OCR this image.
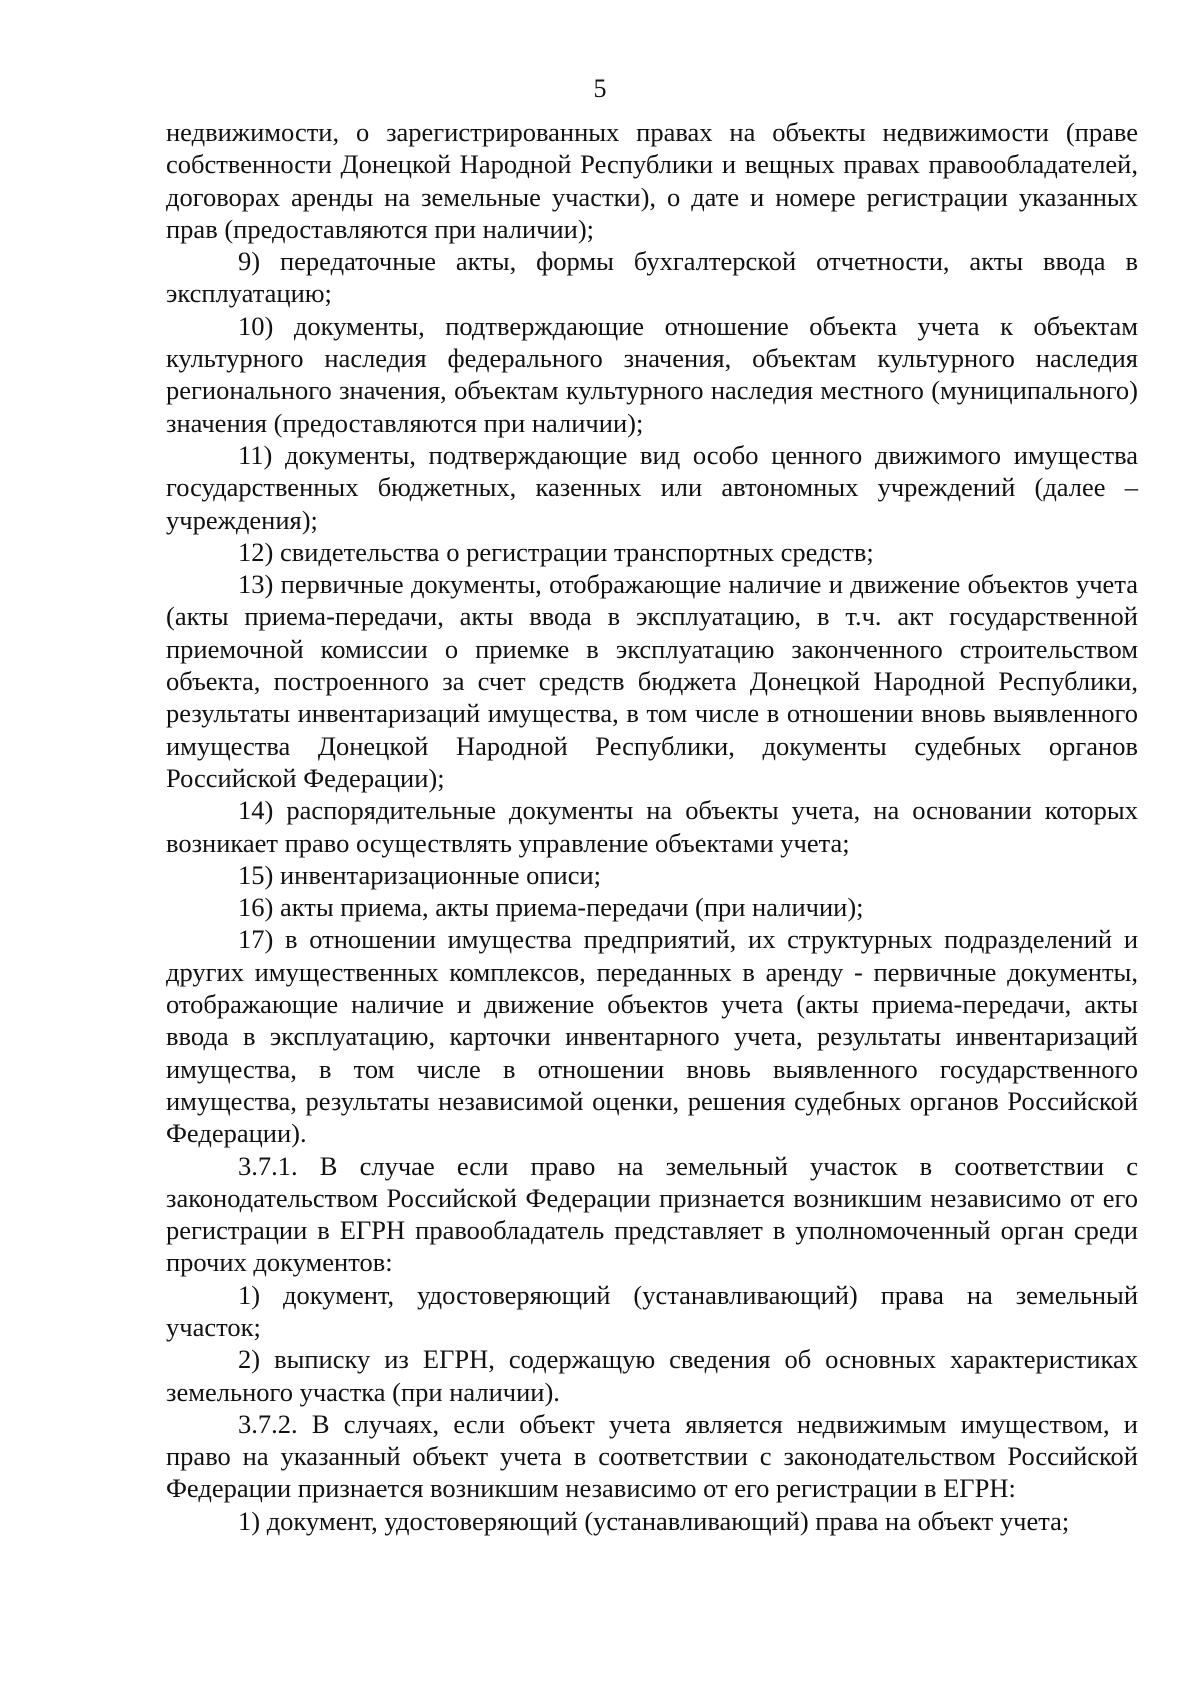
5

недвижимости, о зарегистрированных правах на объекты недвижимости (праве собственности Донецкой Народной Республики и вещных правах правообладателей, договорах аренды на земельные участки), о дате и номере регистрации указанных прав (предоставляются при наличии);

9) передаточные акты, формы бухгалтерской отчетности, акты ввода в эксплуатацию;

10) документы, подтверждающие отношение объекта учета к объектам культурного наследия федерального значения, объектам культурного наследия регионального значения, объектам культурного наследия местного (муниципального) значения (предоставляются при наличии);

11) документы, подтверждающие вид особо ценного движимого имущества государственных бюджетных, казенных или автономных учреждений (далее – учреждения);

12) свидетельства о регистрации транспортных средств;

13) первичные документы, отображающие наличие и движение объектов учета (акты приема-передачи, акты ввода в эксплуатацию, в т.ч. акт государственной приемочной комиссии о приемке в эксплуатацию законченного строительством объекта, построенного за счет средств бюджета Донецкой Народной Республики, результаты инвентаризаций имущества, в том числе в отношении вновь выявленного имущества Донецкой Народной Республики, документы судебных органов Российской Федерации);

14) распорядительные документы на объекты учета, на основании которых возникает право осуществлять управление объектами учета;

15) инвентаризационные описи;

16) акты приема, акты приема-передачи (при наличии);

17) в отношении имущества предприятий, их структурных подразделений и других имущественных комплексов, переданных в аренду - первичные документы, отображающие наличие и движение объектов учета (акты приема-передачи, акты ввода в эксплуатацию, карточки инвентарного учета, результаты инвентаризаций имущества, в том числе в отношении вновь выявленного государственного имущества, результаты независимой оценки, решения судебных органов Российской Федерации).

3.7.1. В случае если право на земельный участок в соответствии с законодательством Российской Федерации признается возникшим независимо от его регистрации в ЕГРН правообладатель представляет в уполномоченный орган среди прочих документов:

1) документ, удостоверяющий (устанавливающий) права на земельный участок;

2) выписку из ЕГРН, содержащую сведения об основных характеристиках земельного участка (при наличии).

3.7.2. В случаях, если объект учета является недвижимым имуществом, и право на указанный объект учета в соответствии с законодательством Российской Федерации признается возникшим независимо от его регистрации в ЕГРН:

1) документ, удостоверяющий (устанавливающий) права на объект учета;
